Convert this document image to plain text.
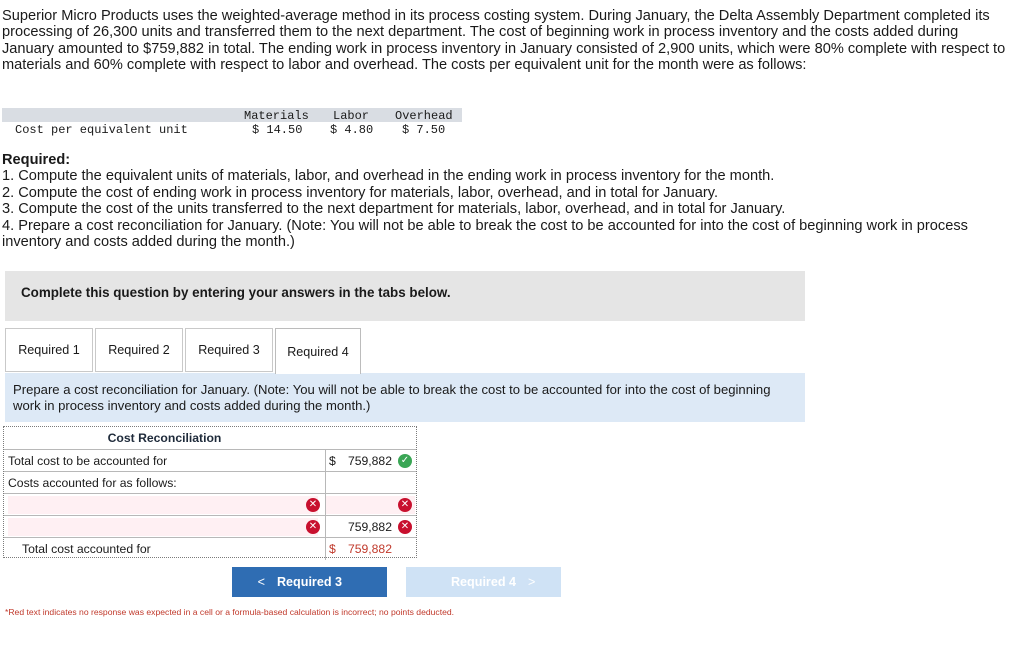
Superior Micro Products uses the weighted-average method in its process costing system. During January, the Delta Assembly Department completed its processing of 26,300 units and transferred them to the next department. The cost of beginning work in process inventory and the costs added during January amounted to $759,882 in total. The ending work in process inventory in January consisted of 2,900 units, which were 80% complete with respect to materials and 60% complete with respect to labor and overhead. The costs per equivalent unit for the month were as follows:

Materials Labor Overhead
Cost per equivalent unit	$ 14.50 $ 4.80 $ 7.50
Required:

1. Compute the equivalent units of materials, labor, and overhead in the ending work in process inventory for the month.

2. Compute the cost of ending work in process inventory for materials, labor, overhead, and in total for January.

3. Compute the cost of the units transferred to the next department for materials, labor, overhead, and in total for January.

4. Prepare a cost reconciliation for January. (Note: You will not be able to break the cost to be accounted for into the cost of beginning work in process inventory and costs added during the month.)

Complete this question by entering your answers in the tabs below.
Required 1	Required 2	Required 3	Required 4
Prepare a cost reconciliation for January. (Note: You will not be able to break the cost to be accounted for into the cost of beginning work in process inventory and costs added during the month.)
Cost Reconciliation
Total cost to be accounted for	$ 759,882 ✓
Costs accounted for as follows:
✕	✕
✕	759,882 ✕
Total cost accounted for	$ 759,882
< Required 3	Required 4 >
*Red text indicates no response was expected in a cell or a formula-based calculation is incorrect; no points deducted.
